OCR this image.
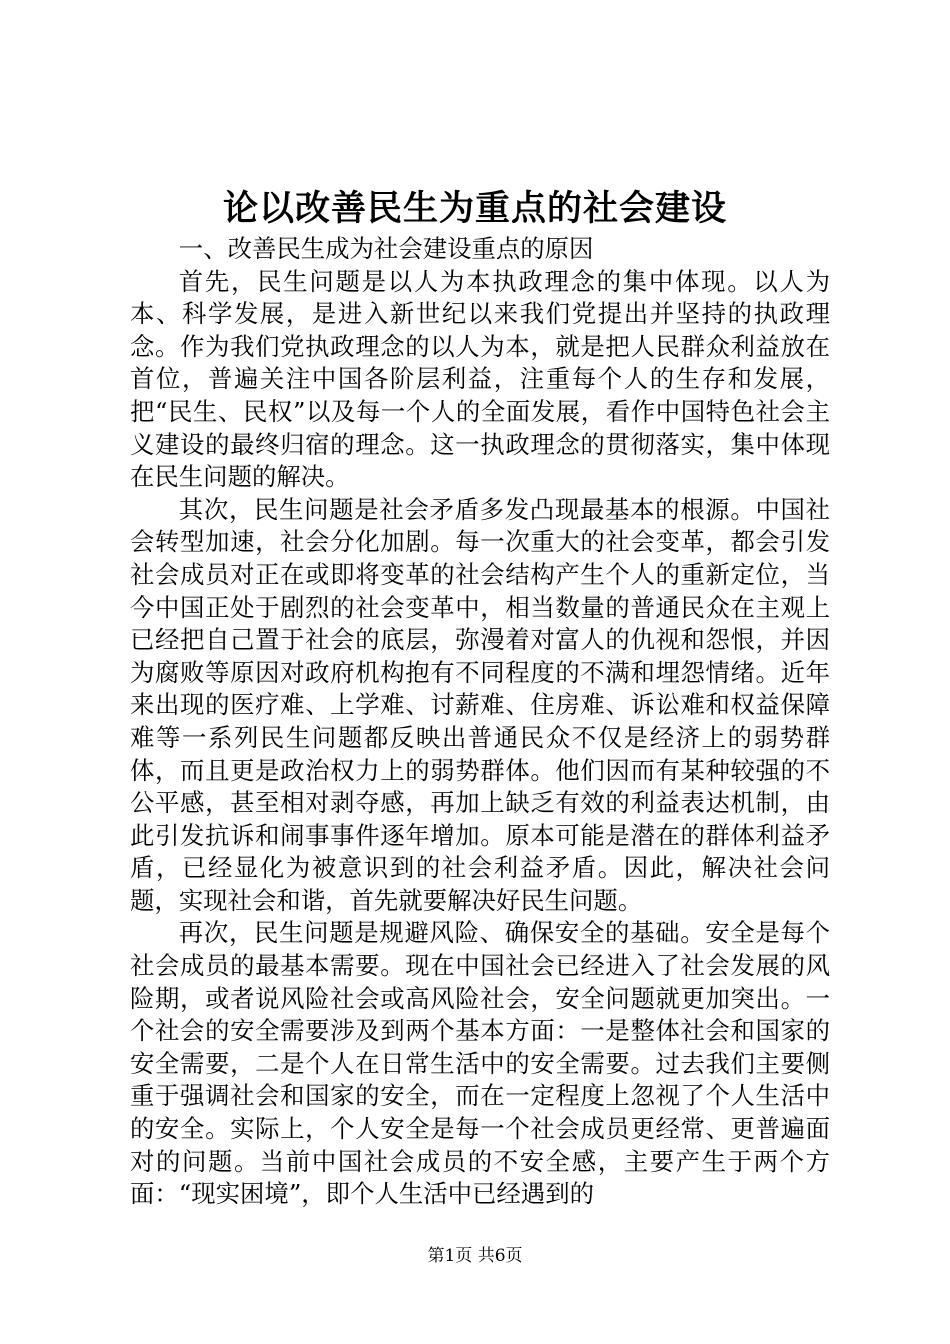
论以改善民生为重点的社会建设

一、改善民生成为社会建设重点的原因

首先，民生问题是以人为本执政理念的集中体现。以人为本、科学发展，是进入新世纪以来我们党提出并坚持的执政理念。作为我们党执政理念的以人为本，就是把人民群众利益放在首位，普遍关注中国各阶层利益，注重每个人的生存和发展，把“民生、民权”以及每一个人的全面发展，看作中国特色社会主义建设的最终归宿的理念。这一执政理念的贯彻落实，集中体现在民生问题的解决。

其次，民生问题是社会矛盾多发凸现最基本的根源。中国社会转型加速，社会分化加剧。每一次重大的社会变革，都会引发社会成员对正在或即将变革的社会结构产生个人的重新定位，当今中国正处于剧烈的社会变革中，相当数量的普通民众在主观上已经把自己置于社会的底层，弥漫着对富人的仇视和怨恨，并因为腐败等原因对政府机构抱有不同程度的不满和埋怨情绪。近年来出现的医疗难、上学难、讨薪难、住房难、诉讼难和权益保障难等一系列民生问题都反映出普通民众不仅是经济上的弱势群体，而且更是政治权力上的弱势群体。他们因而有某种较强的不公平感，甚至相对剥夺感，再加上缺乏有效的利益表达机制，由此引发抗诉和闹事事件逐年增加。原本可能是潜在的群体利益矛盾，已经显化为被意识到的社会利益矛盾。因此，解决社会问题，实现社会和谐，首先就要解决好民生问题。

再次，民生问题是规避风险、确保安全的基础。安全是每个社会成员的最基本需要。现在中国社会已经进入了社会发展的风险期，或者说风险社会或高风险社会，安全问题就更加突出。一个社会的安全需要涉及到两个基本方面：一是整体社会和国家的安全需要，二是个人在日常生活中的安全需要。过去我们主要侧重于强调社会和国家的安全，而在一定程度上忽视了个人生活中的安全。实际上，个人安全是每一个社会成员更经常、更普遍面对的问题。当前中国社会成员的不安全感，主要产生于两个方面：“现实困境”，即个人生活中已经遇到的

第1页 共6页
